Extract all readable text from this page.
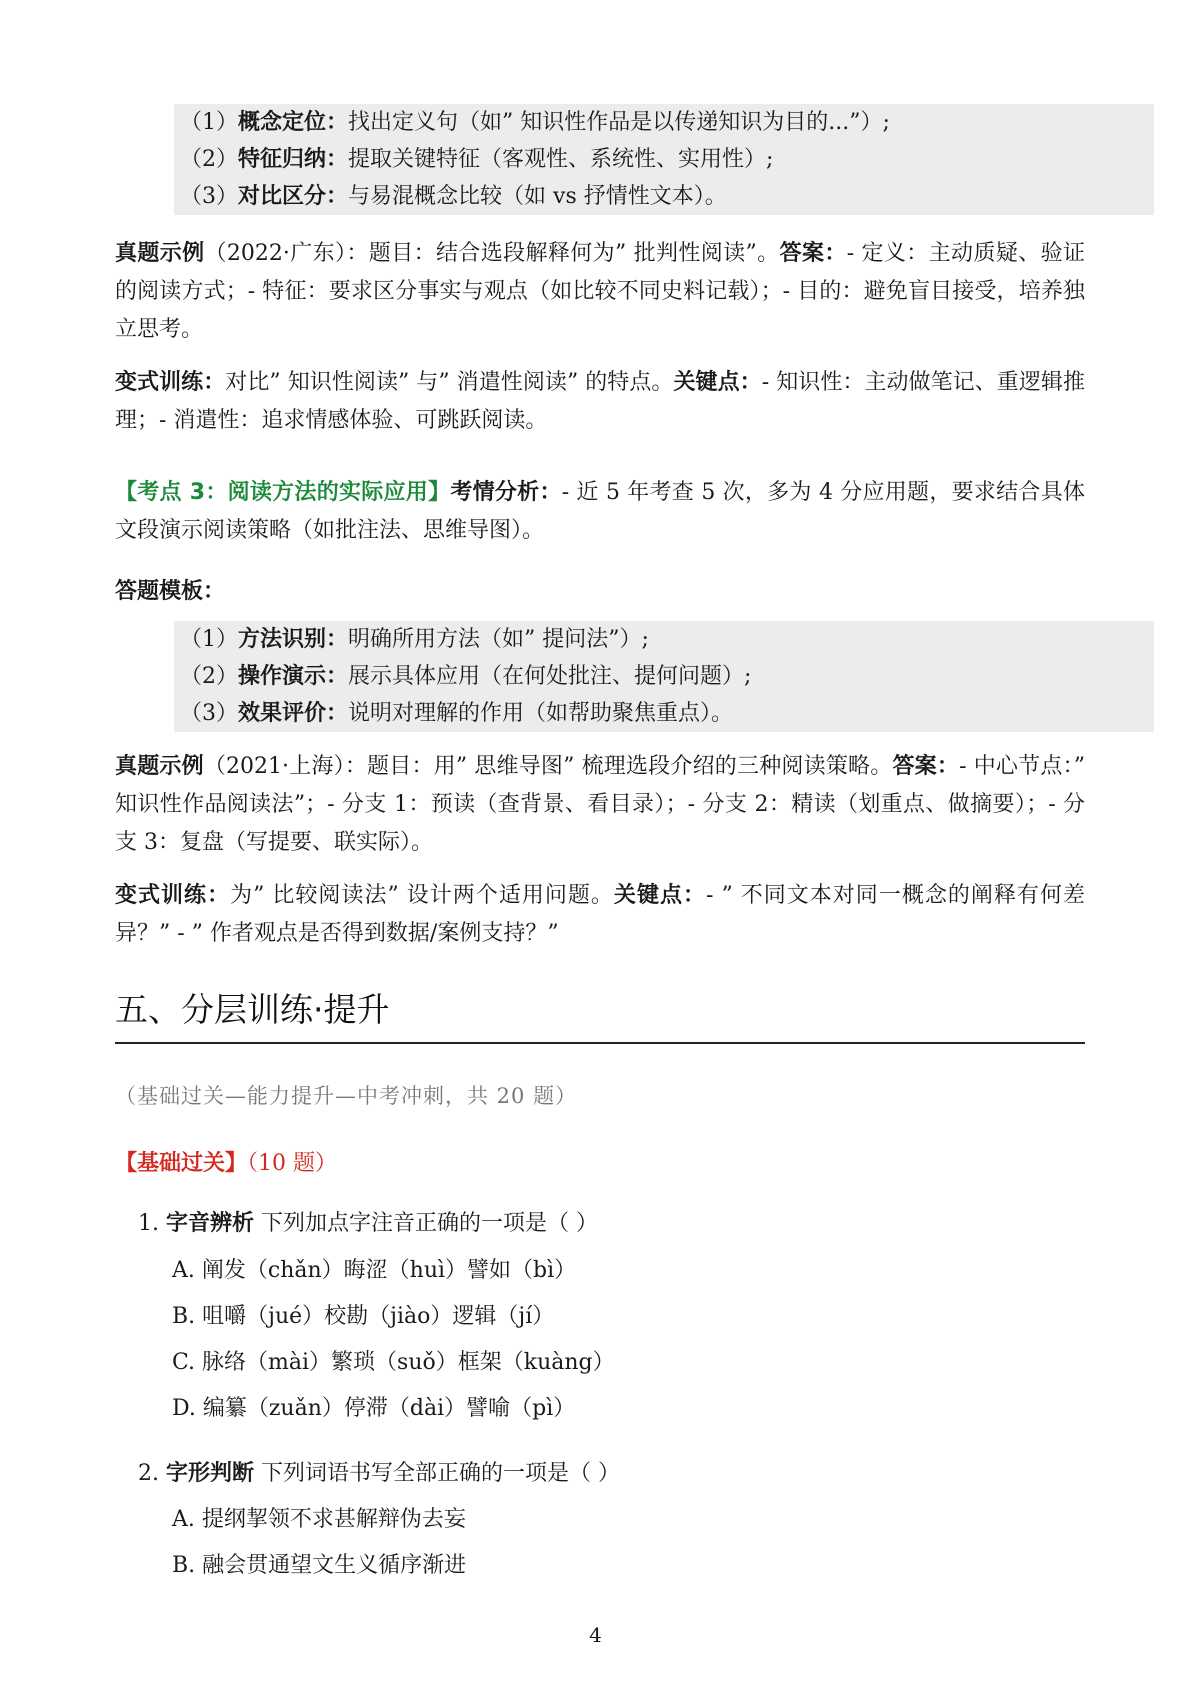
（1）概念定位：找出定义句（如” 知识性作品是以传递知识为目的...”）;
（2）特征归纳：提取关键特征（客观性、系统性、实用性）;
（3）对比区分：与易混概念比较（如 vs 抒情性文本）。
真题示例（2022·广东）：题目：结合选段解释何为” 批判性阅读”。答案：- 定义：主动质疑、验证的阅读方式；- 特征：要求区分事实与观点（如比较不同史料记载）；- 目的：避免盲目接受，培养独立思考。
变式训练：对比” 知识性阅读” 与” 消遣性阅读” 的特点。关键点：- 知识性：主动做笔记、重逻辑推理；- 消遣性：追求情感体验、可跳跃阅读。
【考点 3：阅读方法的实际应用】考情分析：- 近 5 年考查 5 次，多为 4 分应用题，要求结合具体文段演示阅读策略（如批注法、思维导图）。
答题模板：
（1）方法识别：明确所用方法（如” 提问法”）;
（2）操作演示：展示具体应用（在何处批注、提何问题）;
（3）效果评价：说明对理解的作用（如帮助聚焦重点）。
真题示例（2021·上海）：题目：用” 思维导图” 梳理选段介绍的三种阅读策略。答案：- 中心节点：” 知识性作品阅读法”；- 分支 1：预读（查背景、看目录）；- 分支 2：精读（划重点、做摘要）；- 分支 3：复盘（写提要、联实际）。
变式训练：为” 比较阅读法” 设计两个适用问题。关键点：- ” 不同文本对同一概念的阐释有何差异？” - ” 作者观点是否得到数据/案例支持？”
五、分层训练·提升
（基础过关—能力提升—中考冲刺，共 20 题）
【基础过关】（10 题）
1. 字音辨析 下列加点字注音正确的一项是（ ）
A. 阐发（chǎn）晦涩（huì）譬如（bì）
B. 咀嚼（jué）校勘（jiào）逻辑（jí）
C. 脉络（mài）繁琐（suǒ）框架（kuàng）
D. 编纂（zuǎn）停滞（dài）譬喻（pì）
2. 字形判断 下列词语书写全部正确的一项是（ ）
A. 提纲挈领不求甚解辩伪去妄
B. 融会贯通望文生义循序渐进
4
